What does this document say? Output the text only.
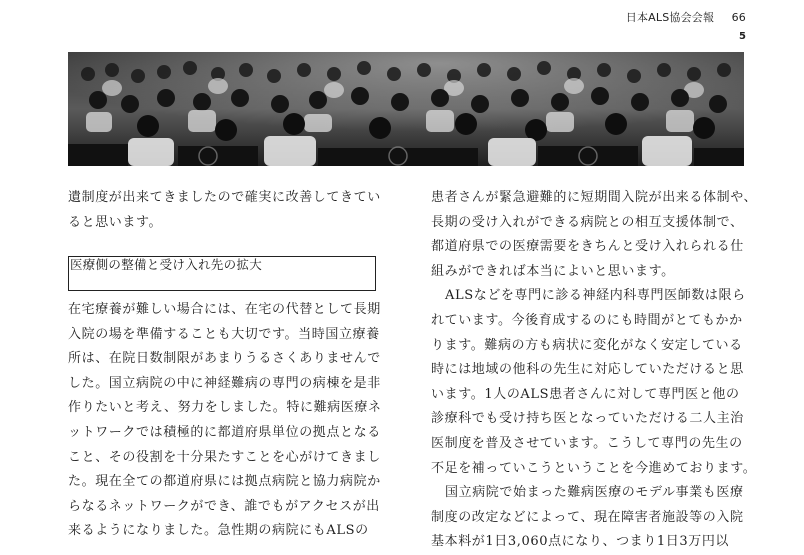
日本ALS協会会報 66
5
遺制度が出来てきましたので確実に改善してきてい
ると思います。
医療側の整備と受け入れ先の拡大
在宅療養が難しい場合には、在宅の代替として長期
入院の場を準備することも大切です。当時国立療養
所は、在院日数制限があまりうるさくありませんで
した。国立病院の中に神経難病の専門の病棟を是非
作りたいと考え、努力をしました。特に難病医療ネ
ットワークでは積極的に都道府県単位の拠点となる
こと、その役割を十分果たすことを心がけてきまし
た。現在全ての都道府県には拠点病院と協力病院か
らなるネットワークができ、誰でもがアクセスが出
来るようになりました。急性期の病院にもALSの
患者さんが緊急避難的に短期間入院が出来る体制や、
長期の受け入れができる病院との相互支援体制で、
都道府県での医療需要をきちんと受け入れられる仕
組みができれば本当によいと思います。
ALSなどを専門に診る神経内科専門医師数は限ら
れています。今後育成するのにも時間がとてもかか
ります。難病の方も病状に変化がなく安定している
時には地域の他科の先生に対応していただけると思
います。1人のALS患者さんに対して専門医と他の
診療科でも受け持ち医となっていただける二人主治
医制度を普及させています。こうして専門の先生の
不足を補っていこうということを今進めております。
国立病院で始まった難病医療のモデル事業も医療
制度の改定などによって、現在障害者施設等の入院
基本料が1日3,060点になり、つまり1日3万円以
